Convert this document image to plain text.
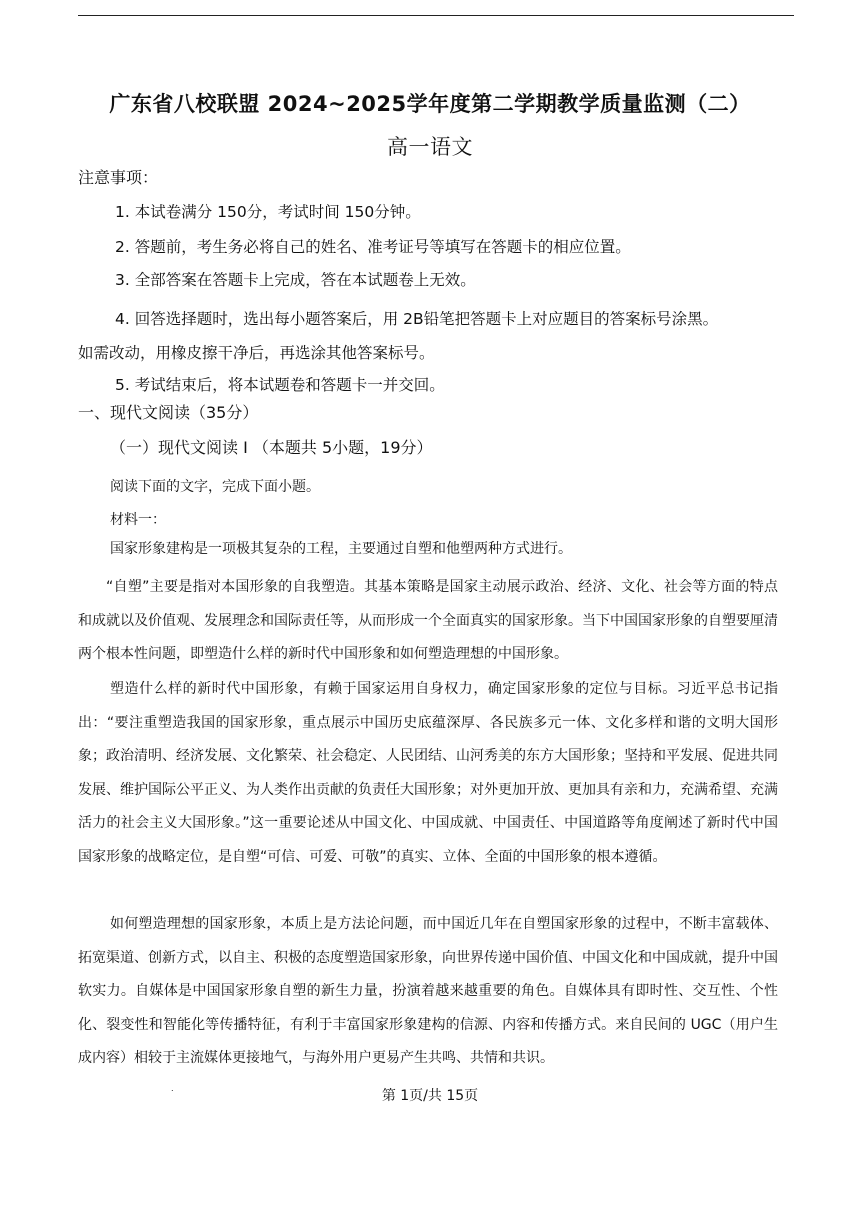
广东省八校联盟 2024~2025学年度第二学期教学质量监测（二）
高一语文
注意事项：
1. 本试卷满分 150分，考试时间 150分钟。
2. 答题前，考生务必将自己的姓名、准考证号等填写在答题卡的相应位置。
3. 全部答案在答题卡上完成，答在本试题卷上无效。
4. 回答选择题时，选出每小题答案后，用 2B铅笔把答题卡上对应题目的答案标号涂黑。
如需改动，用橡皮擦干净后，再选涂其他答案标号。
5. 考试结束后，将本试题卷和答题卡一并交回。
一、现代文阅读（35分）
（一）现代文阅读 I （本题共 5小题，19分）
阅读下面的文字，完成下面小题。
材料一：
国家形象建构是一项极其复杂的工程，主要通过自塑和他塑两种方式进行。
“自塑”主要是指对本国形象的自我塑造。其基本策略是国家主动展示政治、经济、文化、社会等方面的特点和成就以及价值观、发展理念和国际责任等，从而形成一个全面真实的国家形象。当下中国国家形象的自塑要厘清两个根本性问题，即塑造什么样的新时代中国形象和如何塑造理想的中国形象。
塑造什么样的新时代中国形象，有赖于国家运用自身权力，确定国家形象的定位与目标。习近平总书记指出：“要注重塑造我国的国家形象，重点展示中国历史底蕴深厚、各民族多元一体、文化多样和谐的文明大国形象；政治清明、经济发展、文化繁荣、社会稳定、人民团结、山河秀美的东方大国形象；坚持和平发展、促进共同发展、维护国际公平正义、为人类作出贡献的负责任大国形象；对外更加开放、更加具有亲和力，充满希望、充满活力的社会主义大国形象。”这一重要论述从中国文化、中国成就、中国责任、中国道路等角度阐述了新时代中国国家形象的战略定位，是自塑“可信、可爱、可敬”的真实、立体、全面的中国形象的根本遵循。
如何塑造理想的国家形象，本质上是方法论问题，而中国近几年在自塑国家形象的过程中，不断丰富载体、拓宽渠道、创新方式，以自主、积极的态度塑造国家形象，向世界传递中国价值、中国文化和中国成就，提升中国软实力。自媒体是中国国家形象自塑的新生力量，扮演着越来越重要的角色。自媒体具有即时性、交互性、个性化、裂变性和智能化等传播特征，有利于丰富国家形象建构的信源、内容和传播方式。来自民间的 UGC（用户生成内容）相较于主流媒体更接地气，与海外用户更易产生共鸣、共情和共识。
.	第 1页/共 15页
